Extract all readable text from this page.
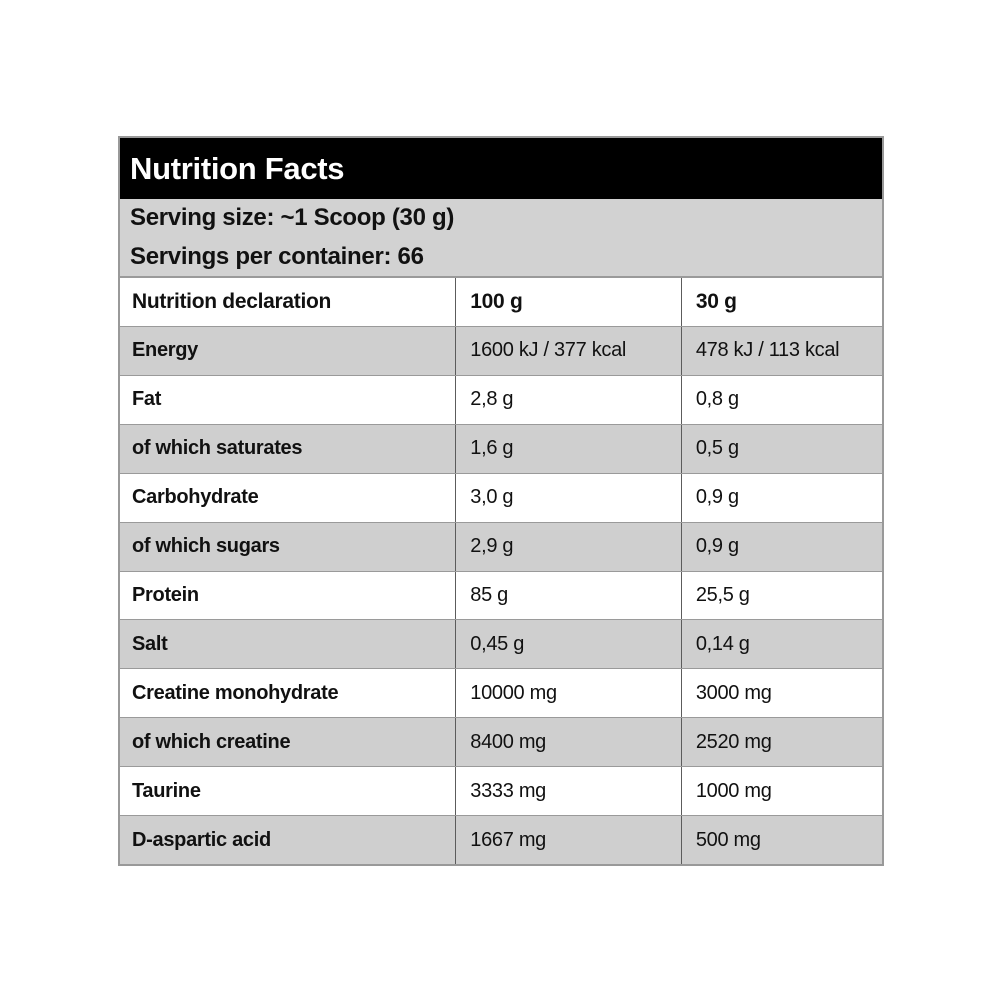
Nutrition Facts
Serving size: ~1 Scoop (30 g)
Servings per container: 66
Nutrition declaration	100 g	30 g
Energy	1600 kJ / 377 kcal	478 kJ / 113 kcal
Fat	2,8 g	0,8 g
of which saturates	1,6 g	0,5 g
Carbohydrate	3,0 g	0,9 g
of which sugars	2,9 g	0,9 g
Protein	85 g	25,5 g
Salt	0,45 g	0,14 g
Creatine monohydrate	10000 mg	3000 mg
of which creatine	8400 mg	2520 mg
Taurine	3333 mg	1000 mg
D-aspartic acid	1667 mg	500 mg
